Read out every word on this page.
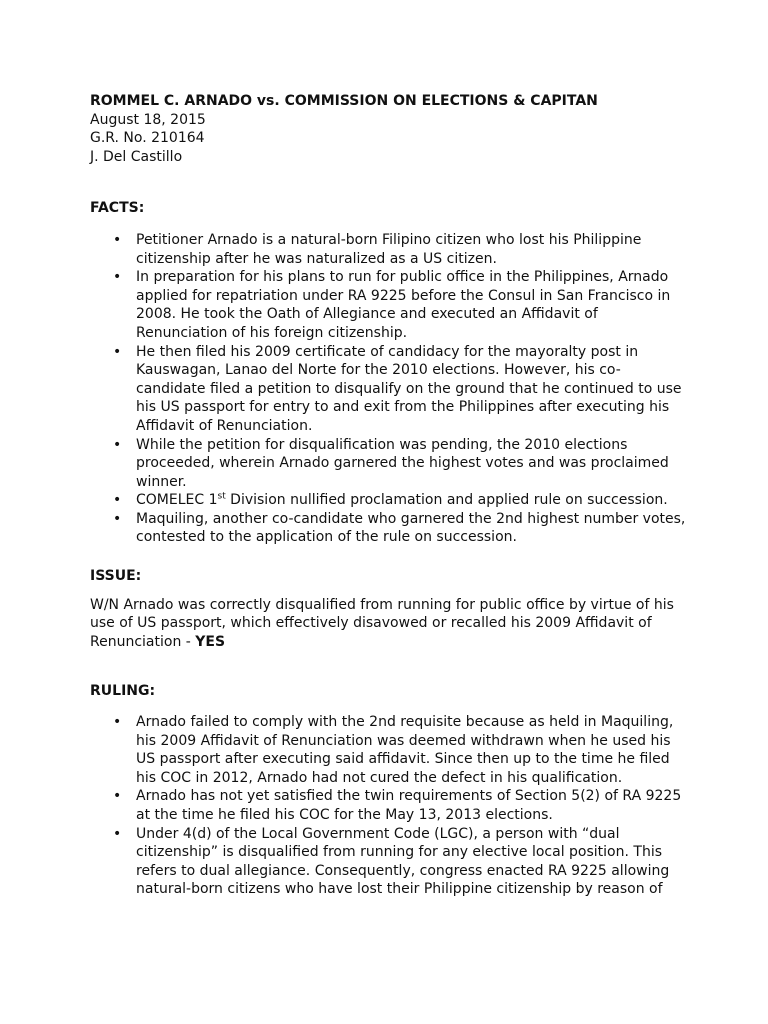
ROMMEL C. ARNADO vs. COMMISSION ON ELECTIONS & CAPITAN

August 18, 2015

G.R. No. 210164

J. Del Castillo

FACTS:

• Petitioner Arnado is a natural-born Filipino citizen who lost his Philippine citizenship after he was naturalized as a US citizen.
• In preparation for his plans to run for public office in the Philippines, Arnado applied for repatriation under RA 9225 before the Consul in San Francisco in 2008. He took the Oath of Allegiance and executed an Affidavit of Renunciation of his foreign citizenship.
• He then filed his 2009 certificate of candidacy for the mayoralty post in Kauswagan, Lanao del Norte for the 2010 elections. However, his co-candidate filed a petition to disqualify on the ground that he continued to use his US passport for entry to and exit from the Philippines after executing his Affidavit of Renunciation.
• While the petition for disqualification was pending, the 2010 elections proceeded, wherein Arnado garnered the highest votes and was proclaimed winner.
• COMELEC 1st Division nullified proclamation and applied rule on succession.
• Maquiling, another co-candidate who garnered the 2nd highest number votes, contested to the application of the rule on succession.

ISSUE:

W/N Arnado was correctly disqualified from running for public office by virtue of his use of US passport, which effectively disavowed or recalled his 2009 Affidavit of Renunciation - YES

RULING:

• Arnado failed to comply with the 2nd requisite because as held in Maquiling, his 2009 Affidavit of Renunciation was deemed withdrawn when he used his US passport after executing said affidavit. Since then up to the time he filed his COC in 2012, Arnado had not cured the defect in his qualification.
• Arnado has not yet satisfied the twin requirements of Section 5(2) of RA 9225 at the time he filed his COC for the May 13, 2013 elections.
• Under 4(d) of the Local Government Code (LGC), a person with “dual citizenship” is disqualified from running for any elective local position. This refers to dual allegiance. Consequently, congress enacted RA 9225 allowing natural-born citizens who have lost their Philippine citizenship by reason of
